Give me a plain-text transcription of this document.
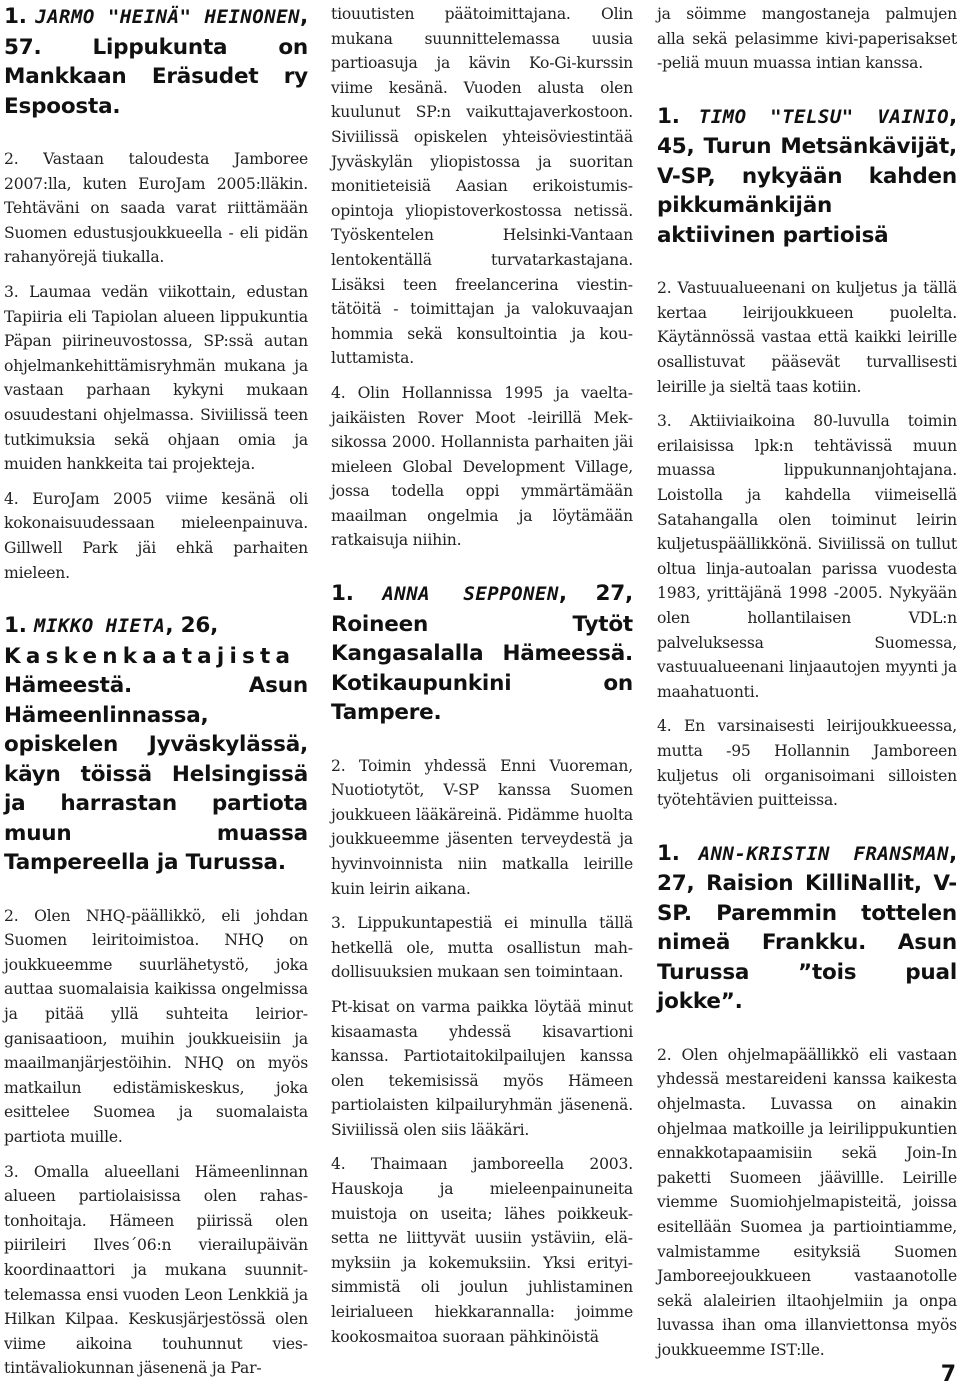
1. JARMO "HEINÄ" HEINONEN, 57. Lippukunta on Mankkaan Eräsudet ry Espoosta.

2. Vastaan taloudesta Jamboree 2007:lla, kuten EuroJam 2005:lläkin. Tehtäväni on saada varat riittämään Suomen edustusjoukkueella - eli pidän rahanyörejä tiukalla.

3. Laumaa vedän viikottain, edustan Tapiiria eli Tapiolan alueen lippukuntia Päpan piirineuvostossa, SP:ssä autan ohjelmankehittämisryhmän mukana ja vastaan parhaan kykyni mukaan osuudestani ohjelmassa. Siviilissä teen tutkimuksia sekä ohjaan omia ja muiden hankkeita tai projekteja.

4. EuroJam 2005 viime kesänä oli kokonaisuudessaan mieleenpainuva. Gillwell Park jäi ehkä parhaiten mieleen.

1. MIKKO HIETA, 26,
Kaskenkaatajista Hämeestä. Asun Hämeenlinnassa, opiskelen Jyväskylässä, käyn töissä Helsingissä ja harrastan partiota muun muassa Tampereella ja Turussa.

2. Olen NHQ-päällikkö, eli johdan Suomen leiritoimistoa. NHQ on joukkueemme suurlähetystö, joka auttaa suomalaisia kaikissa ongelmissa ja pitää yllä suhteita leiriorganisaatioon, muihin joukkueisiin ja maailmanjärjestöihin. NHQ on myös matkailun edistämiskeskus, joka esittelee Suomea ja suomalaista partiota muille.

3. Omalla alueellani Hämeenlinnan alueen partiolaisissa olen rahastonhoitaja. Hämeen piirissä olen piirileiri Ilves´06:n vierailupäivän koordinaattori ja mukana suunnittelemassa ensi vuoden Leon Lenkkiä ja Hilkan Kilpaa. Keskusjärjestössä olen viime aikoina touhunnut viestintävaliokunnan jäsenenä ja Par-

tiouutisten päätoimittajana. Olin mukana suunnittelemassa uusia partioasuja ja kävin Ko-Gi-kurssin viime kesänä. Vuoden alusta olen kuulunut SP:n vaikuttajaverkostoon. Siviilissä opiskelen yhteisöviestintää Jyväskylän yliopistossa ja suoritan monitieteisiä Aasian erikoistumisopintoja yliopistoverkostossa netissä. Työskentelen Helsinki-Vantaan lentokentällä turvatarkastajana. Lisäksi teen freelancerina viestintätöitä - toimittajan ja valokuvaajan hommia sekä konsultointia ja kouluttamista.

4. Olin Hollannissa 1995 ja vaeltajaikäisten Rover Moot -leirillä Meksikossa 2000. Hollannista parhaiten jäi mieleen Global Development Village, jossa todella oppi ymmärtämään maailman ongelmia ja löytämään ratkaisuja niihin.

1. ANNA SEPPONEN, 27, Roineen Tytöt Kangasalalla Hämeessä. Kotikaupunkini on Tampere.

2. Toimin yhdessä Enni Vuoreman, Nuotiotytöt, V-SP kanssa Suomen joukkueen lääkäreinä. Pidämme huolta joukkueemme jäsenten terveydestä ja hyvinvoinnista niin matkalla leirille kuin leirin aikana.

3. Lippukuntapestiä ei minulla tällä hetkellä ole, mutta osallistun mahdollisuuksien mukaan sen toimintaan.

Pt-kisat on varma paikka löytää minut kisaamasta yhdessä kisavartioni kanssa. Partiotaitokilpailujen kanssa olen tekemisissä myös Hämeen partiolaisten kilpailuryhmän jäsenenä. Siviilissä olen siis lääkäri.

4. Thaimaan jamboreella 2003. Hauskoja ja mieleenpainuneita muistoja on useita; lähes poikkeuksetta ne liittyvät uusiin ystäviin, elämyksiin ja kokemuksiin. Yksi erityisimmistä oli joulun juhlistaminen leirialueen hiekkarannalla: joimme kookosmaitoa suoraan pähkinöistä

ja söimme mangostaneja palmujen alla sekä pelasimme kivi-paperisakset -peliä muun muassa intian kanssa.

1. TIMO "TELSU" VAINIO, 45, Turun Metsänkävijät, V-SP, nykyään kahden pikkumänkijän aktiivinen partioisä

2. Vastuualueenani on kuljetus ja tällä kertaa leirijoukkueen puolelta. Käytännössä vastaa että kaikki leirille osallistuvat pääsevät turvallisesti leirille ja sieltä taas kotiin.

3. Aktiiviaikoina 80-luvulla toimin erilaisissa lpk:n tehtävissä muun muassa lippukunnanjohtajana. Loistolla ja kahdella viimeisellä Satahangalla olen toiminut leirin kuljetuspäällikkönä. Siviilissä on tullut oltua linja-autoalan parissa vuodesta 1983, yrittäjänä 1998 -2005. Nykyään olen hollantilaisen VDL:n palveluksessa Suomessa, vastuualueenani linjaautojen myynti ja maahatuonti.

4. En varsinaisesti leirijoukkueessa, mutta -95 Hollannin Jamboreen kuljetus oli organisoimani silloisten työtehtävien puitteissa.

1. ANN-KRISTIN FRANSMAN, 27, Raision KilliNallit, V-SP. Paremmin tottelen nimeä Frankku. Asun Turussa ”tois pual jokke”.

2. Olen ohjelmapäällikkö eli vastaan yhdessä mestareideni kanssa kaikesta ohjelmasta. Luvassa on ainakin ohjelmaa matkoille ja leirilippukuntien ennakkotapaamisiin sekä Join-In paketti Suomeen jäävillle. Leirille viemme Suomiohjelmapisteitä, joissa esitellään Suomea ja partiointiamme, valmistamme esityksiä Suomen Jamboreejoukkueen vastaanotolle sekä alaleirien iltaohjelmiin ja onpa luvassa ihan oma illanviettonsa myös joukkueemme IST:lle.

7
